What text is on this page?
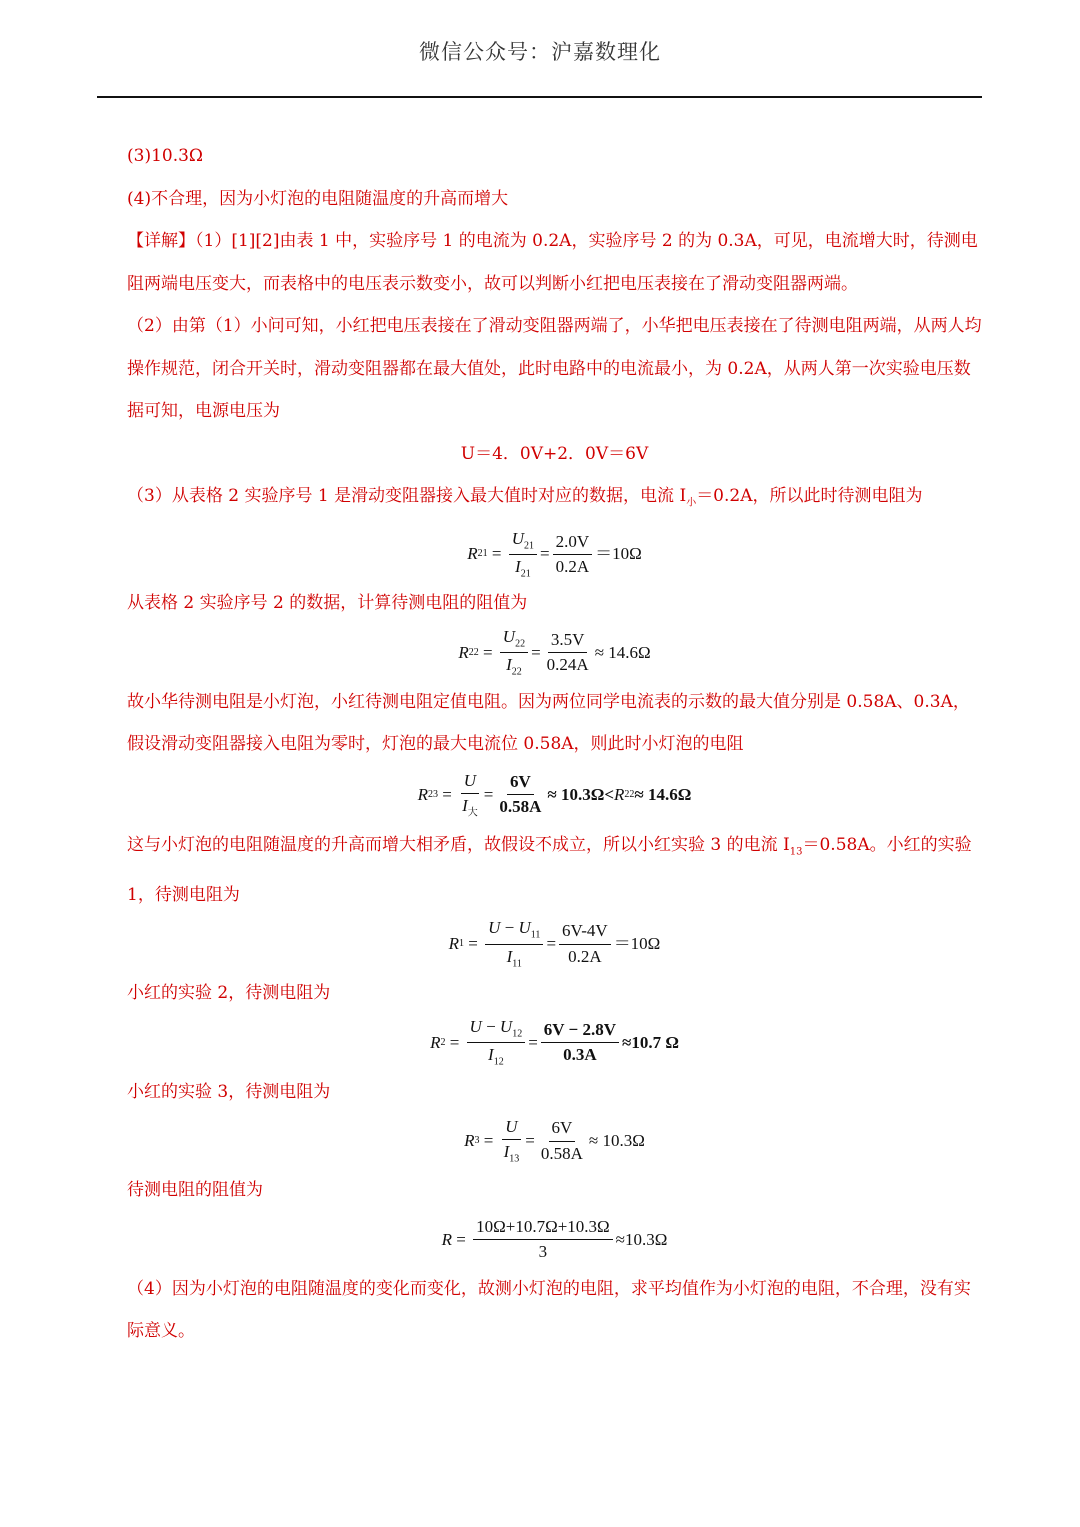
微信公众号：沪嘉数理化

(3)10.3Ω

(4)不合理，因为小灯泡的电阻随温度的升高而增大

【详解】（1）[1][2]由表 1 中，实验序号 1 的电流为 0.2A，实验序号 2 的为 0.3A，可见，电流增大时，待测电阻两端电压变大，而表格中的电压表示数变小，故可以判断小红把电压表接在了滑动变阻器两端。

（2）由第（1）小问可知，小红把电压表接在了滑动变阻器两端了，小华把电压表接在了待测电阻两端，从两人均操作规范，闭合开关时，滑动变阻器都在最大值处，此时电路中的电流最小，为 0.2A，从两人第一次实验电压数据可知，电源电压为

U＝4．0V+2．0V＝6V

（3）从表格 2 实验序号 1 是滑动变阻器接入最大值时对应的数据，电流 $I_小=0.2A$，所以此时待测电阻为

R $21 = \frac{U_{21}}{I_{21}} = \frac{2.0V}{0.2A} =10\Omega$

从表格 2 实验序号 2 的数据，计算待测电阻的阻值为

R $22 = \frac{U_{22}}{I_{22}} = \frac{3.5V}{0.24A} \approx 14.6\Omega$

故小华待测电阻是小灯泡，小红待测电阻定值电阻。因为两位同学电流表的示数的最大值分别是 0.58A、0.3A，假设滑动变阻器接入电阻为零时，灯泡的最大电流位 0.58A，则此时小灯泡的电阻

R $23 = \frac{U}{I_大} = \frac{6V}{0.58A} \approx 10.3\Omega< R$ 22 ≈ 14.6Ω

这与小灯泡的电阻随温度的升高而增大相矛盾，故假设不成立，所以小红实验 3 的电流 $I_{13}=0.58A$。小红的实验 1，待测电阻为

R $1 = \frac{U - U_{11}}{I_{11}} = \frac{6V-4V}{0.2A} =10\Omega$

小红的实验 2，待测电阻为

R $2 = \frac{U - U_{12}}{I_{12}} = \frac{6V - 2.8V}{0.3A} \approx 10.7$ Ω

小红的实验 3，待测电阻为

R $3 = \frac{U}{I_{13}} = \frac{6V}{0.58A} \approx 10.3\Omega$

待测电阻的阻值为

$R = \frac{10\Omega+10.7\Omega+10.3\Omega}{3} \approx 10.3\Omega$

（4）因为小灯泡的电阻随温度的变化而变化，故测小灯泡的电阻，求平均值作为小灯泡的电阻，不合理，没有实际意义。
